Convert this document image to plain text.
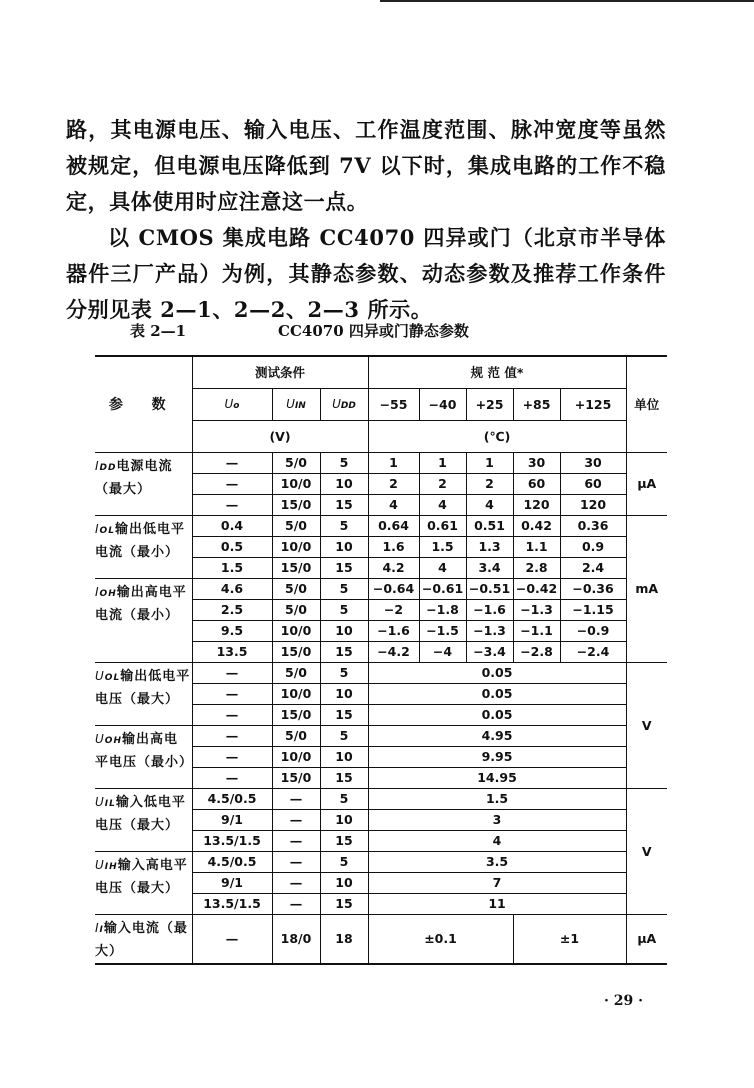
路，其电源电压、输入电压、工作温度范围、脉冲宽度等虽然被规定，但电源电压降低到 7V 以下时，集成电路的工作不稳定，具体使用时应注意这一点。
以 CMOS 集成电路 CC4070 四异或门（北京市半导体器件三厂产品）为例，其静态参数、动态参数及推荐工作条件分别见表 2—1、2—2、2—3 所示。
表 2—1	CC4070 四异或门静态参数
参 数	测试条件			规 范 值*					单位
	Uo	UIN	UDD	−55	−40	+25	+85	+125	
	(V)			(℃)					
IDD电源电流（最大）	—	5/0	5	1	1	1	30	30	μA
	—	10/0	10	2	2	2	60	60	
	—	15/0	15	4	4	4	120	120	
IOL输出低电平电流（最小）	0.4	5/0	5	0.64	0.61	0.51	0.42	0.36	mA
	0.5	10/0	10	1.6	1.5	1.3	1.1	0.9	
	1.5	15/0	15	4.2	4	3.4	2.8	2.4	
IOH输出高电平电流（最小）	4.6	5/0	5	−0.64	−0.61	−0.51	−0.42	−0.36	
	2.5	5/0	5	−2	−1.8	−1.6	−1.3	−1.15	
	9.5	10/0	10	−1.6	−1.5	−1.3	−1.1	−0.9	
	13.5	15/0	15	−4.2	−4	−3.4	−2.8	−2.4	
UOL输出低电平电压（最大）	—	5/0	5	0.05					V
	—	10/0	10	0.05					
	—	15/0	15	0.05					
UOH输出高电平电压（最小）	—	5/0	5	4.95					
	—	10/0	10	9.95					
	—	15/0	15	14.95					
UIL输入低电平电压（最大）	4.5/0.5	—	5	1.5					V
	9/1	—	10	3					
	13.5/1.5	—	15	4					
UIH输入高电平电压（最大）	4.5/0.5	—	5	3.5					
	9/1	—	10	7					
	13.5/1.5	—	15	11					
II输入电流（最大）	—	18/0	18	±0.1			±1		μA
· 29 ·
